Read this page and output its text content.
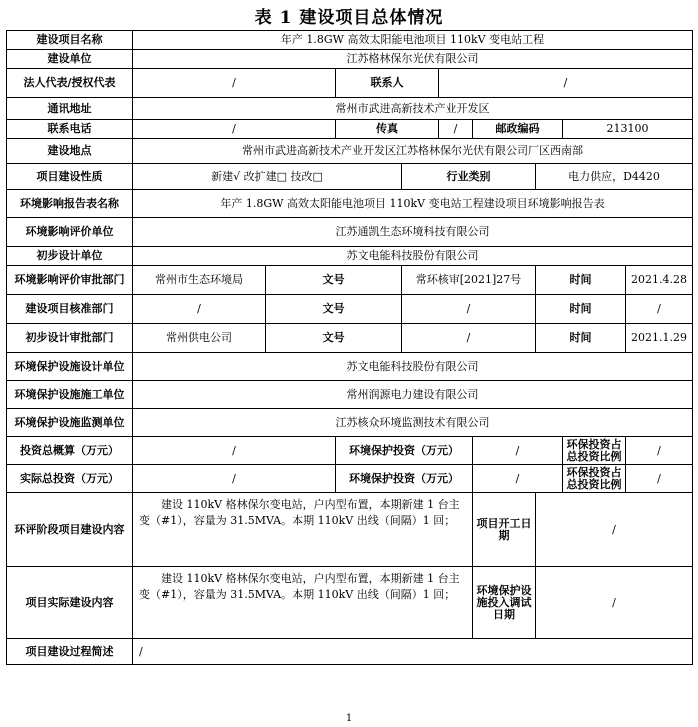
表 1 建设项目总体情况
建设项目名称	年产 1.8GW 高效太阳能电池项目 110kV 变电站工程								
建设单位	江苏格林保尔光伏有限公司								
法人代表/授权代表	/		联系人		/				
通讯地址	常州市武进高新技术产业开发区								
联系电话	/		传真		/	邮政编码		213100	
建设地点	常州市武进高新技术产业开发区江苏格林保尔光伏有限公司厂区西南部								
项目建设性质	新建√ 改扩建□ 技改□			行业类别			电力供应，D4420		
环境影响报告表名称	年产 1.8GW 高效太阳能电池项目 110kV 变电站工程建设项目环境影响报告表								
环境影响评价单位	江苏通凯生态环境科技有限公司								
初步设计单位	苏文电能科技股份有限公司								
环境影响评价审批部门	常州市生态环境局	文号		常环核审[2021]27号			时间		2021.4.28
建设项目核准部门	/	文号		/			时间		/
初步设计审批部门	常州供电公司	文号		/			时间		2021.1.29
环境保护设施设计单位	苏文电能科技股份有限公司								
环境保护设施施工单位	常州润源电力建设有限公司								
环境保护设施监测单位	江苏核众环境监测技术有限公司								
投资总概算（万元）	/		环境保护投资（万元）			/		环保投资占总投资比例	/
实际总投资（万元）	/		环境保护投资（万元）			/		环保投资占总投资比例	/
环评阶段项目建设内容	建设 110kV 格林保尔变电站，户内型布置，本期新建 1 台主变（#1），容量为 31.5MVA。本期 110kV 出线（间隔）1 回；					项目开工日期	/		
项目实际建设内容	建设 110kV 格林保尔变电站，户内型布置，本期新建 1 台主变（#1），容量为 31.5MVA。本期 110kV 出线（间隔）1 回；					环境保护设施投入调试日期	/		
项目建设过程简述	/								
1
